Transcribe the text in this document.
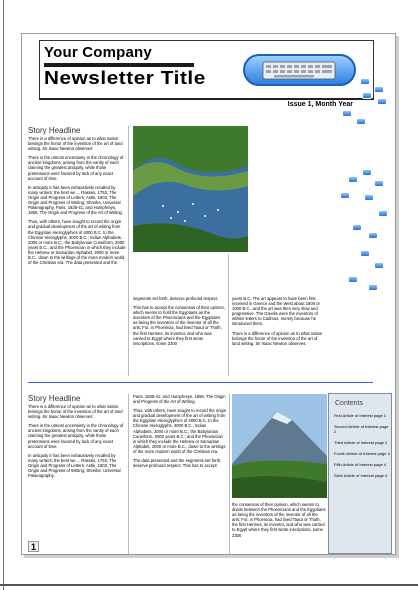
Your Company
Newsletter Title
Issue 1, Month Year
Story Headline

There is a difference of opinion as to what nation belongs the honor of the invention of the art of land writing. Sir Isaac Newton observes:

There is the utmost uncertainty in the chronology of ancient kingdoms, arising from the vanity of each claiming the greatest antiquity, while those pretensions were favored by lack of any exact account of time.

In antiquity it has been exhaustively recalled by many writers; the best we ... Rasses, 1753, The Origin and Progress of Letters; Astle, 1803, The Origin and Progress of Writing; Shreibe, Universal Palaeography, Paris, 1835-41; and Humphreys, 1855, The Origin and Progress of the Art of Writing.

Thus, with others, have sought to record the origin and gradual development of the art of writing from the Egyptian Hieroglyphics of 4000 B.C. to the Chinese Hieroglyphs, 3000 B.C.; Indian Alphabets, 2000 or more B.C.; the Babylonian Cuneiform, 2000 years B.C.; and the Phoenician in which they include the Hebrew or Samaritan Alphabet, 2000 or more B.C., down to the writings of the more modern world of the Christian era. The data presented and the

segments set forth, deserve profound respect.

This has to accept the consensus of their opinion, which seems to hold the Egyptians as the inventors of the Phoenicians and the Egyptians as being the inventors of the inventor of all the arts; For, in Phoenicia, had lived Taaut or Thoth, the first Hermes, its inventor, and who was carried to Egypt where they first wrote inscriptions, some 2300

years B.C. The art appears to have been first received in Greece and the West about 1500 or 1000 B.C., and the art was then very slow and progressive. The Greeks were the inventors of written letters to Cadmus, merely because he introduced them.

There is a difference of opinion as to what nation belongs the honor of the invention of the art of land writing. Sir Isaac Newton observes:

Story Headline

There is a difference of opinion as to what nation belongs the honor of the invention of the art of land writing. Sir Isaac Newton observes:

There is the utmost uncertainty in the chronology of ancient kingdoms, arising from the vanity of each claiming the greatest antiquity, while those pretensions were favored by lack of any exact account of time.

In antiquity it has been exhaustively recalled by many writers; the best we ... Rasses, 1753, The Origin and Progress of Letters; Astle, 1803, The Origin and Progress of Writing; Shreibe, Universal Palaeography,

Paris, 1835-41; and Humphreys, 1855, The Origin and Progress of the Art of Writing.

Thus, with others, have sought to record the origin and gradual development of the art of writing from the Egyptian Hieroglyphics of 4000 B.C. to the Chinese Hieroglyphs, 3000 B.C.; Indian Alphabets, 2000 or more B.C.; the Babylonian Cuneiform, 2000 years B.C.; and the Phoenician in which they include the Hebrew or Samaritan Alphabet, 2000 or more B.C., down to the writings of the more modern world of the Christian era.

The data presented and the segments set forth, deserve profound respect. This has to accept

the consensus of their opinion, which seems to divide between the Phoenicians and the Egyptians as being the inventors of the inventor of all the arts; For, in Phoenicia, had lived Taaut or Thoth, the first Hermes, its inventor, and who was carried to Egypt where they first wrote inscriptions, some 2300

Contents
First Article of Interest page 1
Second Article of Interest page 2
Third Article of Interest page 2
Fourth Article of Interest page 3
Fifth Article of Interest page 4
Sixth Article of Interest page 4
1
